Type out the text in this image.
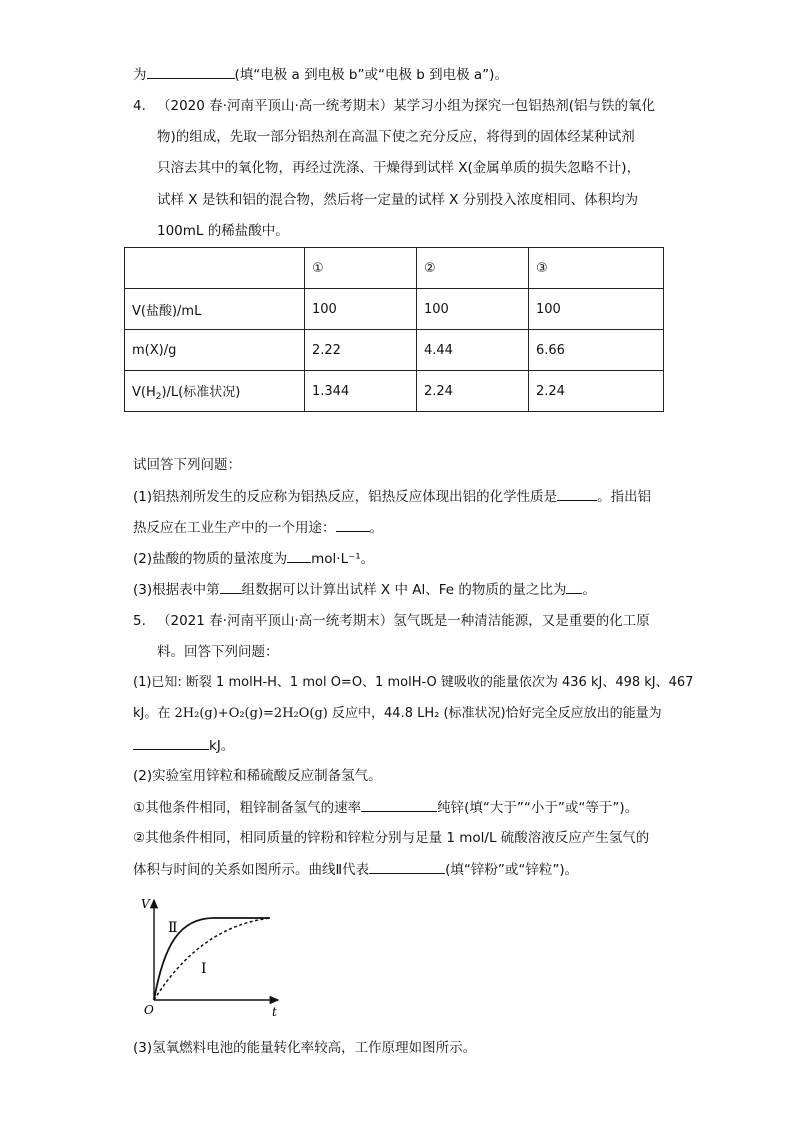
为	(填“电极 a 到电极 b”或“电极 b 到电极 a”)。
4. （2020 春·河南平顶山·高一统考期末）某学习小组为探究一包铝热剂(铝与铁的氧化
物)的组成，先取一部分铝热剂在高温下使之充分反应，将得到的固体经某种试剂
只溶去其中的氧化物，再经过洗涤、干燥得到试样 X(金属单质的损失忽略不计)，
试样 X 是铁和铝的混合物，然后将一定量的试样 X 分别投入浓度相同、体积均为
100mL 的稀盐酸中。
	①	②	③
V(盐酸)/mL	100	100	100
m(X)/g	2.22	4.44	6.66
$V(H_2)/L$(标准状况)	1.344	2.24	2.24
试回答下列问题：
(1)铝热剂所发生的反应称为铝热反应，铝热反应体现出铝的化学性质是	。指出铝
热反应在工业生产中的一个用途：	。
(2)盐酸的物质的量浓度为 mol·L⁻¹。
(3)根据表中第 组数据可以计算出试样 X 中 Al、Fe 的物质的量之比为 。
5. （2021 春·河南平顶山·高一统考期末）氢气既是一种清洁能源，又是重要的化工原
料。回答下列问题：
(1)已知: 断裂 1 molH-H、1 mol O=O、1 molH-O 键吸收的能量依次为 436 kJ、498 kJ、467
kJ。在 2H₂(g)+O₂(g)=2H₂O(g) 反应中，44.8 LH₂ (标准状况)恰好完全反应放出的能量为
kJ。
(2)实验室用锌粒和稀硫酸反应制备氢气。
①其他条件相同，粗锌制备氢气的速率	纯锌(填“大于”“小于”或“等于”)。
②其他条件相同，相同质量的锌粉和锌粒分别与足量 1 mol/L 硫酸溶液反应产生氢气的
体积与时间的关系如图所示。曲线Ⅱ代表	(填“锌粉”或“锌粒”)。
V
t
O
Ⅱ
Ⅰ
(3)氢氧燃料电池的能量转化率较高，工作原理如图所示。
